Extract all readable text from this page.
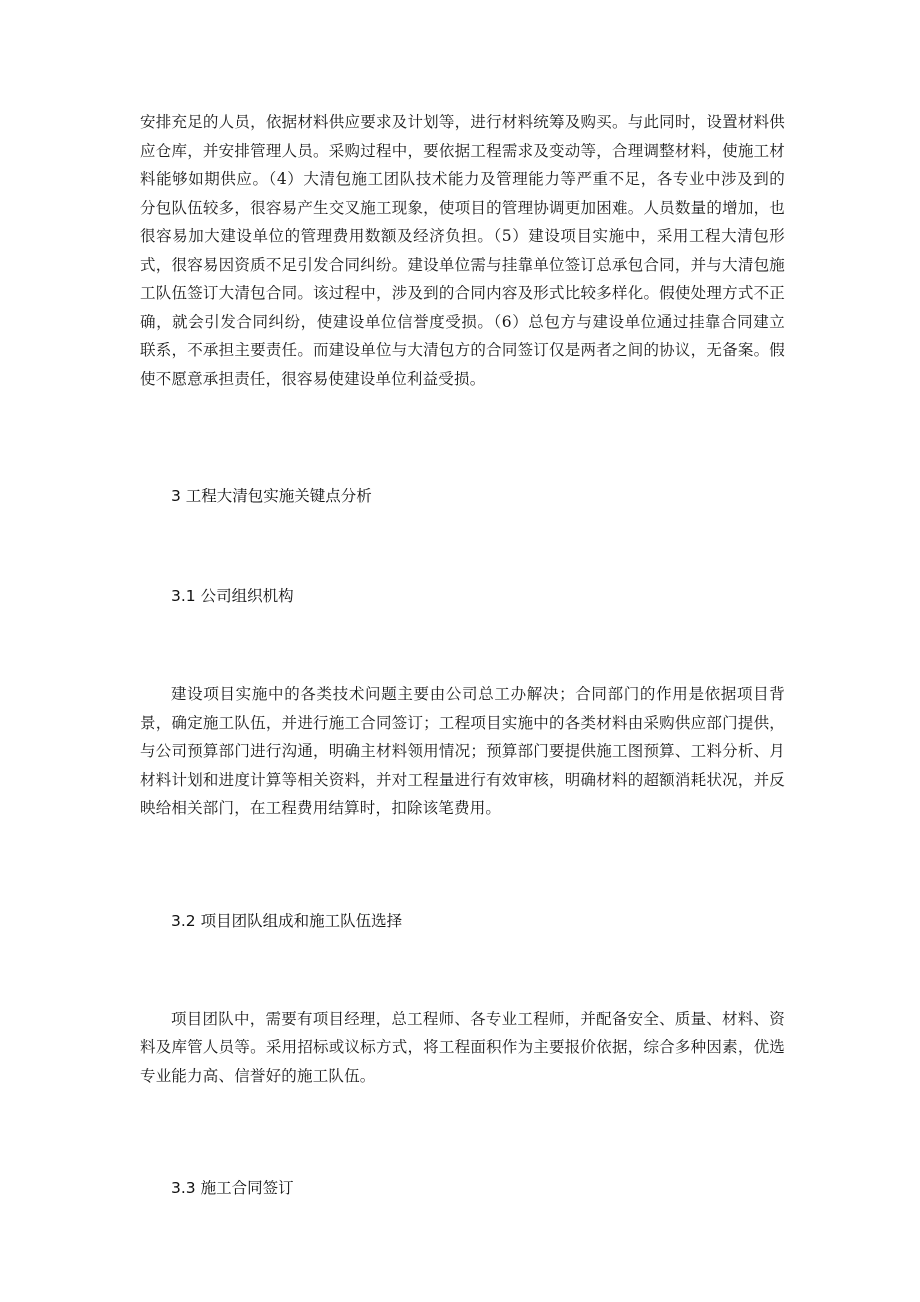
安排充足的人员，依据材料供应要求及计划等，进行材料统筹及购买。与此同时，设置材料供应仓库，并安排管理人员。采购过程中，要依据工程需求及变动等，合理调整材料，使施工材料能够如期供应。（4）大清包施工团队技术能力及管理能力等严重不足，各专业中涉及到的分包队伍较多，很容易产生交叉施工现象，使项目的管理协调更加困难。人员数量的增加，也很容易加大建设单位的管理费用数额及经济负担。（5）建设项目实施中，采用工程大清包形式，很容易因资质不足引发合同纠纷。建设单位需与挂靠单位签订总承包合同，并与大清包施工队伍签订大清包合同。该过程中，涉及到的合同内容及形式比较多样化。假使处理方式不正确，就会引发合同纠纷，使建设单位信誉度受损。（6）总包方与建设单位通过挂靠合同建立联系，不承担主要责任。而建设单位与大清包方的合同签订仅是两者之间的协议，无备案。假使不愿意承担责任，很容易使建设单位利益受损。

3 工程大清包实施关键点分析

3.1 公司组织机构

建设项目实施中的各类技术问题主要由公司总工办解决；合同部门的作用是依据项目背景，确定施工队伍，并进行施工合同签订；工程项目实施中的各类材料由采购供应部门提供，与公司预算部门进行沟通，明确主材料领用情况；预算部门要提供施工图预算、工料分析、月材料计划和进度计算等相关资料，并对工程量进行有效审核，明确材料的超额消耗状况，并反映给相关部门，在工程费用结算时，扣除该笔费用。

3.2 项目团队组成和施工队伍选择

项目团队中，需要有项目经理，总工程师、各专业工程师，并配备安全、质量、材料、资料及库管人员等。采用招标或议标方式，将工程面积作为主要报价依据，综合多种因素，优选专业能力高、信誉好的施工队伍。

3.3 施工合同签订
